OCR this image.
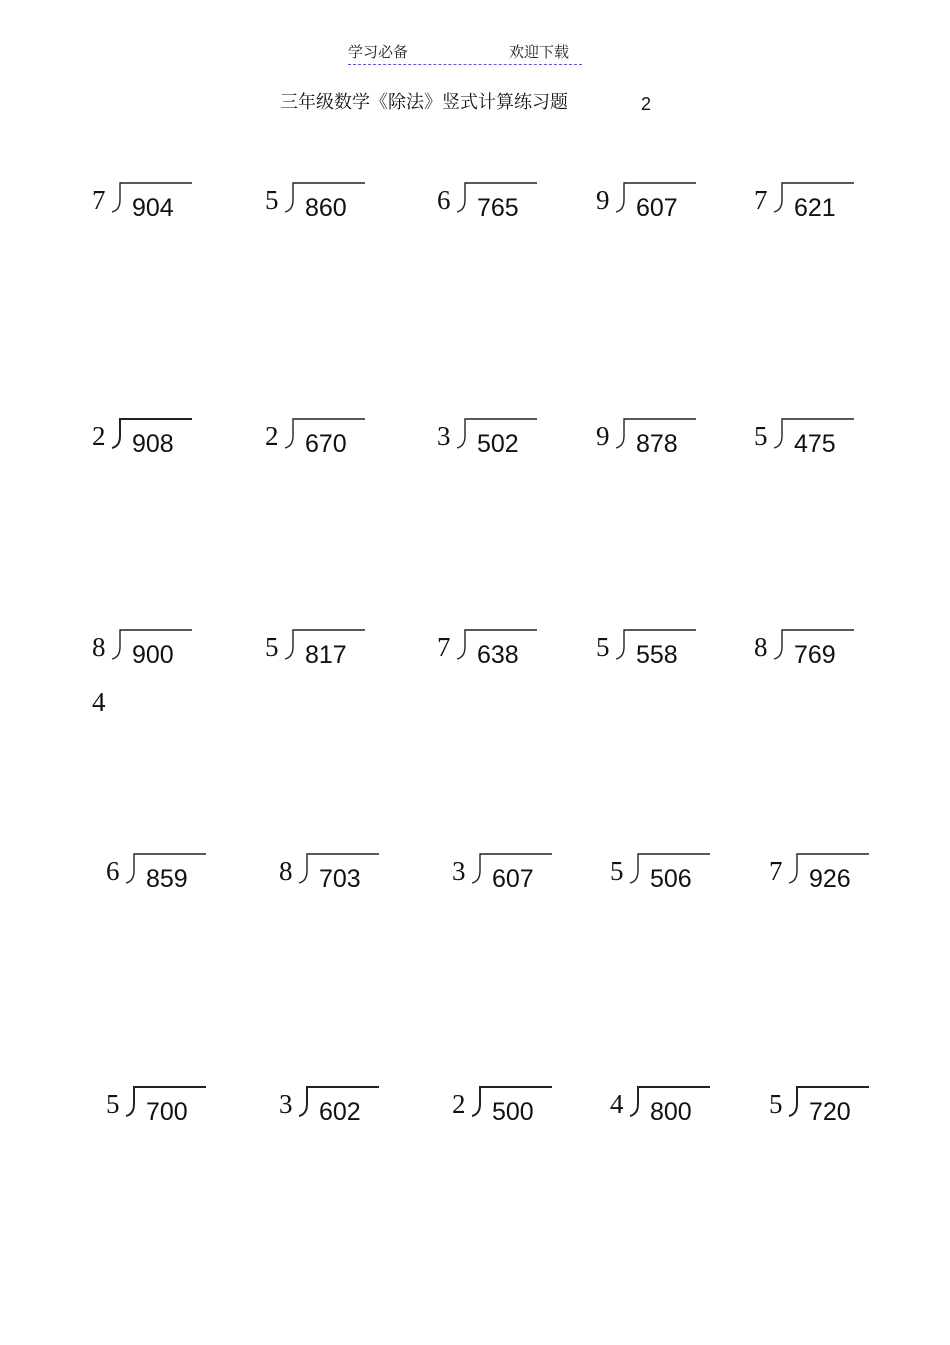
学习必备	欢迎下载
三年级数学《除法》竖式计算练习题	2
7 904	5 860	6 765	9 607	7 621
2 908	2 670	3 502	9 878	5 475
8 900	5 817	7 638	5 558	8 769
4
6 859	8 703	3 607	5 506	7 926
5 700	3 602	2 500	4 800	5 720
